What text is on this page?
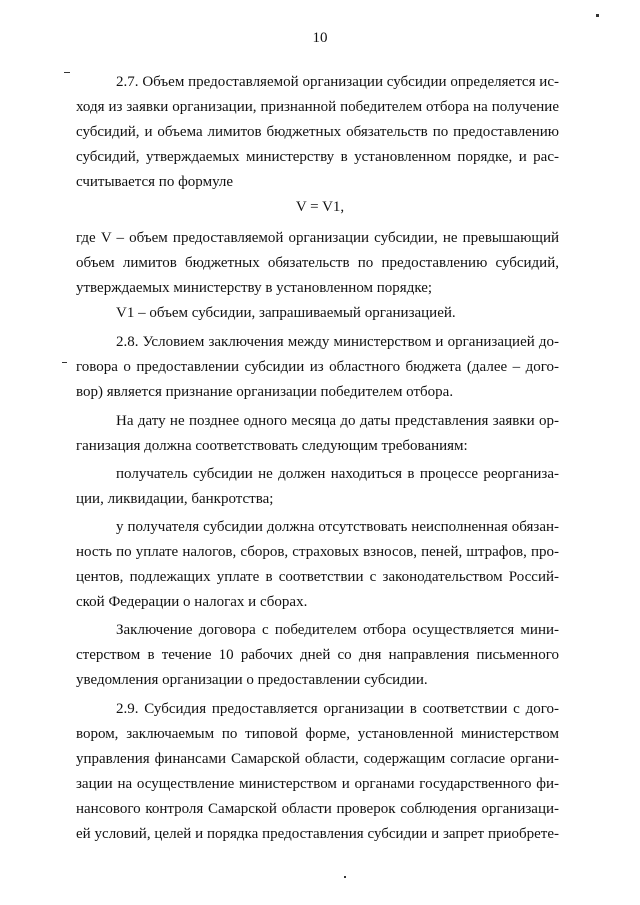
10
2.7. Объем предоставляемой организации субсидии определяется ис-
ходя из заявки организации, признанной победителем отбора на получение
субсидий, и объема лимитов бюджетных обязательств по предоставлению
субсидий, утверждаемых министерству в установленном порядке, и рас-
считывается по формуле
V = V1,
где V – объем предоставляемой организации субсидии, не превышающий
объем лимитов бюджетных обязательств по предоставлению субсидий,
утверждаемых министерству в установленном порядке;
V1 – объем субсидии, запрашиваемый организацией.
2.8. Условием заключения между министерством и организацией до-
говора о предоставлении субсидии из областного бюджета (далее – дого-
вор) является признание организации победителем отбора.
На дату не позднее одного месяца до даты представления заявки ор-
ганизация должна соответствовать следующим требованиям:
получатель субсидии не должен находиться в процессе реорганиза-
ции, ликвидации, банкротства;
у получателя субсидии должна отсутствовать неисполненная обязан-
ность по уплате налогов, сборов, страховых взносов, пеней, штрафов, про-
центов, подлежащих уплате в соответствии с законодательством Россий-
ской Федерации о налогах и сборах.
Заключение договора с победителем отбора осуществляется мини-
стерством в течение 10 рабочих дней со дня направления письменного
уведомления организации о предоставлении субсидии.
2.9. Субсидия предоставляется организации в соответствии с дого-
вором, заключаемым по типовой форме, установленной министерством
управления финансами Самарской области, содержащим согласие органи-
зации на осуществление министерством и органами государственного фи-
нансового контроля Самарской области проверок соблюдения организаци-
ей условий, целей и порядка предоставления субсидии и запрет приобрете-
